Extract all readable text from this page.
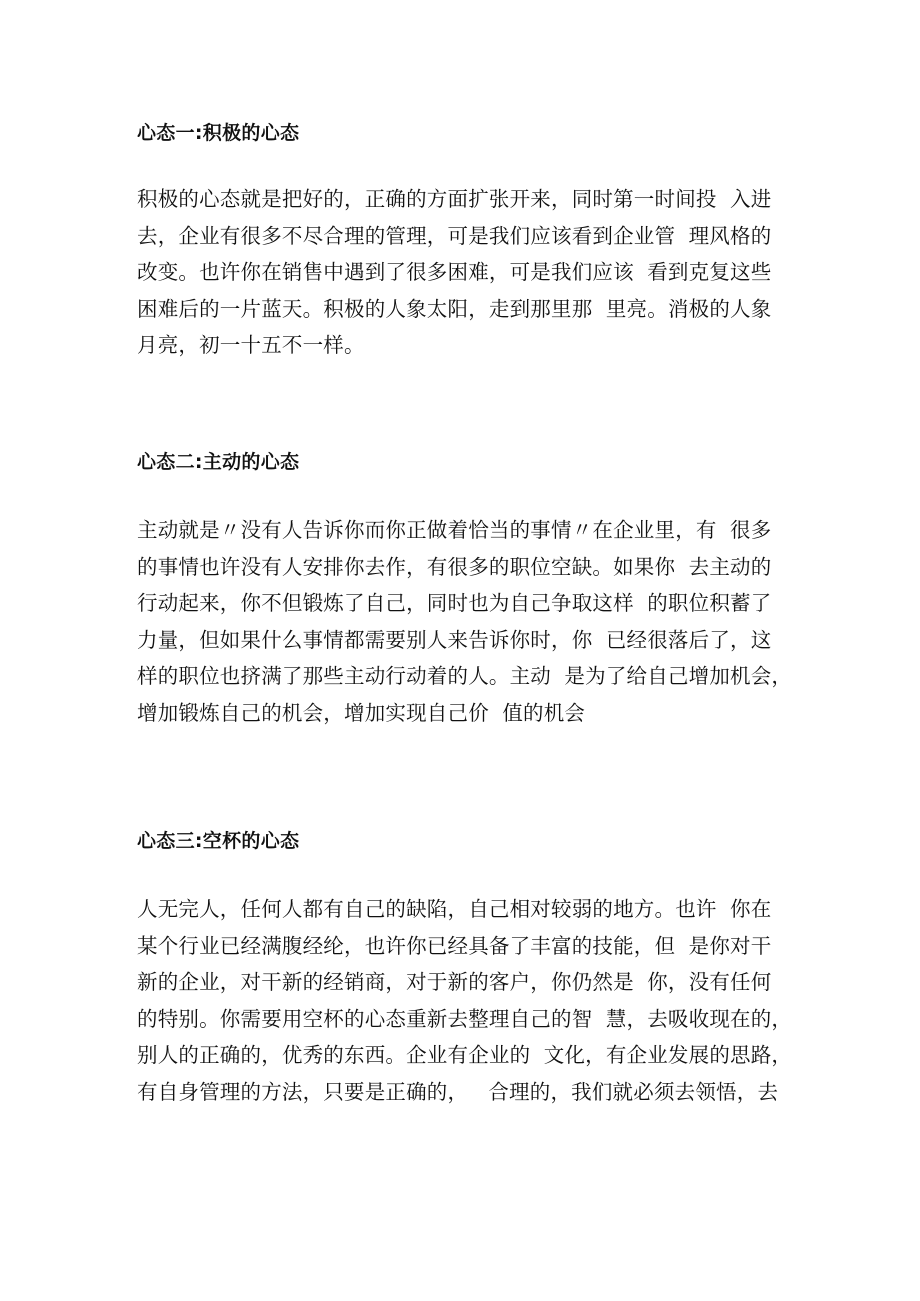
心态一:积极的心态
积极的心态就是把好的，正确的方面扩张开来，同时第一时间投  入进
去，企业有很多不尽合理的管理，可是我们应该看到企业管  理风格的
改变。也许你在销售中遇到了很多困难，可是我们应该  看到克复这些
困难后的一片蓝天。积极的人象太阳，走到那里那  里亮。消极的人象
月亮，初一十五不一样。
心态二:主动的心态
主动就是〃没有人告诉你而你正做着恰当的事情〃在企业里，有  很多
的事情也许没有人安排你去作，有很多的职位空缺。如果你  去主动的
行动起来，你不但锻炼了自己，同时也为自己争取这样  的职位积蓄了
力量，但如果什么事情都需要别人来告诉你时，你  已经很落后了，这
样的职位也挤满了那些主动行动着的人。主动  是为了给自己增加机会，
增加锻炼自己的机会，增加实现自己价  值的机会
心态三:空杯的心态
人无完人，任何人都有自己的缺陷，自己相对较弱的地方。也许  你在
某个行业已经满腹经纶，也许你已经具备了丰富的技能，但  是你对干
新的企业，对干新的经销商，对于新的客户，你仍然是  你，没有任何
的特别。你需要用空杯的心态重新去整理自己的智  慧，去吸收现在的，
别人的正确的，优秀的东西。企业有企业的  文化，有企业发展的思路，
有自身管理的方法，只要是正确的，   合理的，我们就必须去领悟，去
